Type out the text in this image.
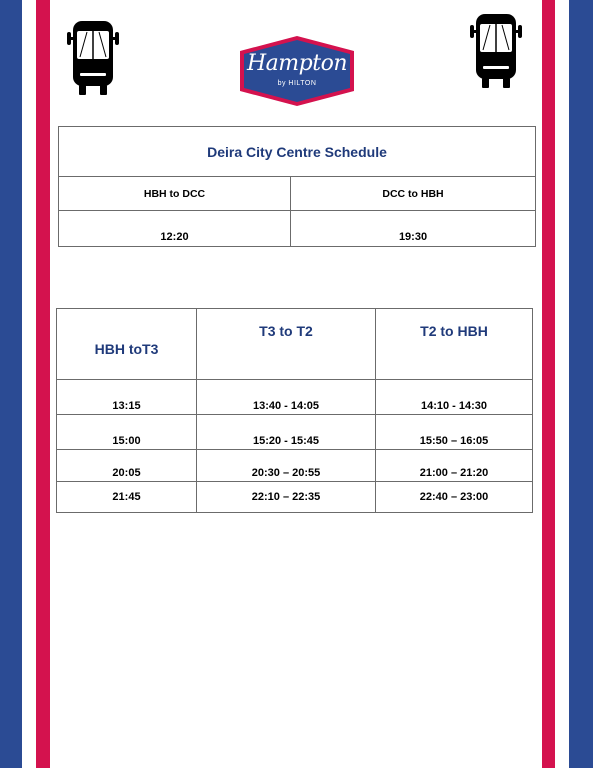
Hampton
by HILTON
Deira City Centre Schedule	
HBH to DCC	DCC to HBH
12:20	19:30
HBH toT3	T3 to T2	T2 to HBH
13:15	13:40 - 14:05	14:10 - 14:30
15:00	15:20 - 15:45	15:50 – 16:05
20:05	20:30 – 20:55	21:00 – 21:20
21:45	22:10 – 22:35	22:40 – 23:00
